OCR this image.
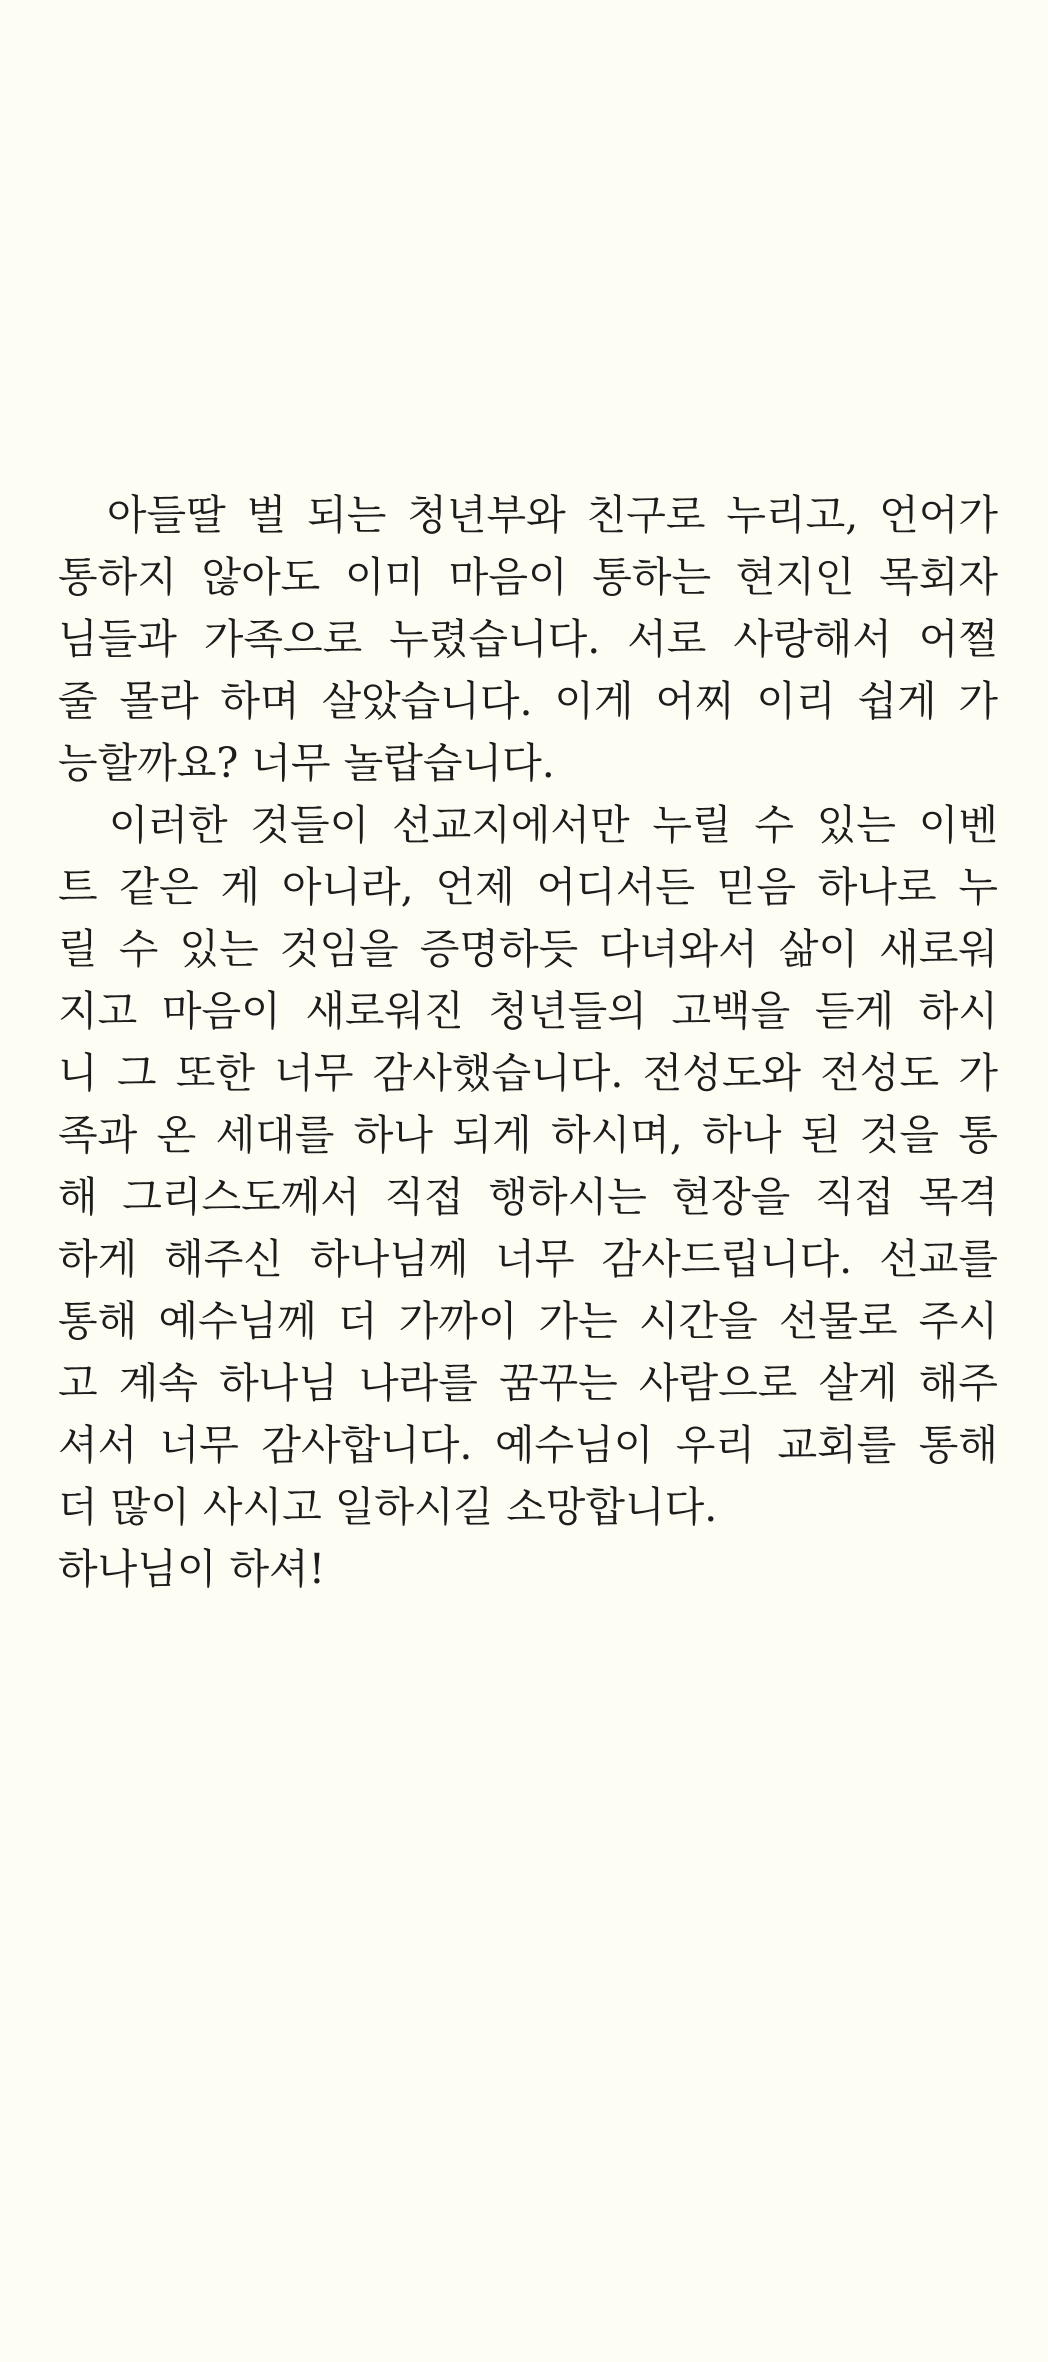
　아들딸 벌 되는 청년부와 친구로 누리고, 언어가
통하지 않아도 이미 마음이 통하는 현지인 목회자
님들과 가족으로 누렸습니다. 서로 사랑해서 어쩔
줄 몰라 하며 살았습니다. 이게 어찌 이리 쉽게 가
능할까요? 너무 놀랍습니다.
　이러한 것들이 선교지에서만 누릴 수 있는 이벤
트 같은 게 아니라, 언제 어디서든 믿음 하나로 누
릴 수 있는 것임을 증명하듯 다녀와서 삶이 새로워
지고 마음이 새로워진 청년들의 고백을 듣게 하시
니 그 또한 너무 감사했습니다. 전성도와 전성도 가
족과 온 세대를 하나 되게 하시며, 하나 된 것을 통
해 그리스도께서 직접 행하시는 현장을 직접 목격
하게 해주신 하나님께 너무 감사드립니다. 선교를
통해 예수님께 더 가까이 가는 시간을 선물로 주시
고 계속 하나님 나라를 꿈꾸는 사람으로 살게 해주
셔서 너무 감사합니다. 예수님이 우리 교회를 통해
더 많이 사시고 일하시길 소망합니다.
하나님이 하셔!
